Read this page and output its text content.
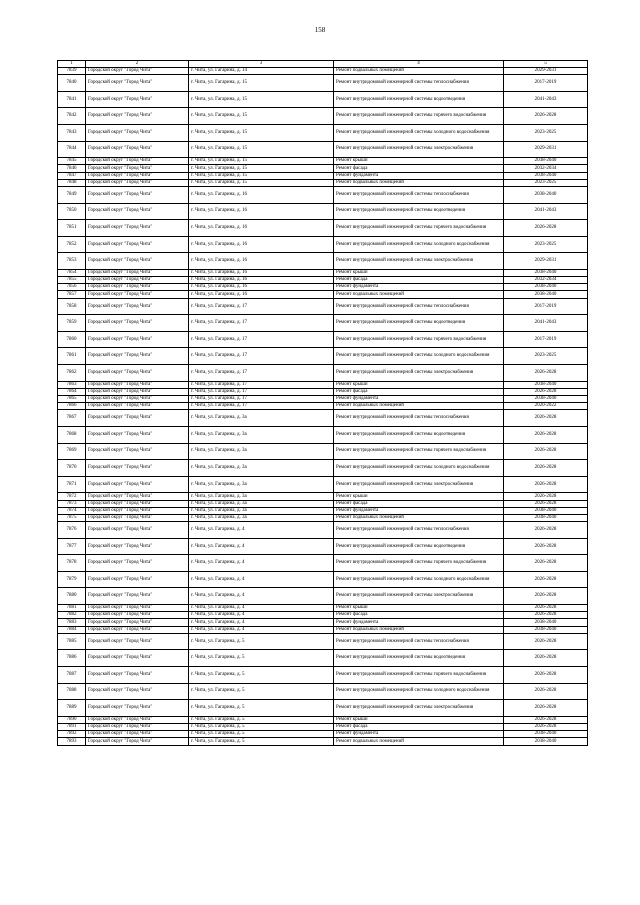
158
1	2	3	4	5
7839	Городской округ "Город Чита"	г. Чита, ул. Гагарина, д. 14	Ремонт подвальных помещений	2029-2031
7840	Городской округ "Город Чита"	г. Чита, ул. Гагарина, д. 15	Ремонт внутридомовой инженерной системы теплоснабжения	2017-2019
7841	Городской округ "Город Чита"	г. Чита, ул. Гагарина, д. 15	Ремонт внутридомовой инженерной системы водоотведения	2041-2043
7842	Городской округ "Город Чита"	г. Чита, ул. Гагарина, д. 15	Ремонт внутридомовой инженерной системы горячего водоснабжения	2026-2028
7843	Городской округ "Город Чита"	г. Чита, ул. Гагарина, д. 15	Ремонт внутридомовой инженерной системы холодного водоснабжения	2023-2025
7844	Городской округ "Город Чита"	г. Чита, ул. Гагарина, д. 15	Ремонт внутридомовой инженерной системы электроснабжения	2029-2031
7845	Городской округ "Город Чита"	г. Чита, ул. Гагарина, д. 15	Ремонт крыши	2038-2040
7846	Городской округ "Город Чита"	г. Чита, ул. Гагарина, д. 15	Ремонт фасада	2032-2034
7847	Городской округ "Город Чита"	г. Чита, ул. Гагарина, д. 15	Ремонт фундамента	2038-2040
7848	Городской округ "Город Чита"	г. Чита, ул. Гагарина, д. 15	Ремонт подвальных помещений	2023-2025
7849	Городской округ "Город Чита"	г. Чита, ул. Гагарина, д. 16	Ремонт внутридомовой инженерной системы теплоснабжения	2038-2040
7850	Городской округ "Город Чита"	г. Чита, ул. Гагарина, д. 16	Ремонт внутридомовой инженерной системы водоотведения	2041-2043
7851	Городской округ "Город Чита"	г. Чита, ул. Гагарина, д. 16	Ремонт внутридомовой инженерной системы горячего водоснабжения	2026-2028
7852	Городской округ "Город Чита"	г. Чита, ул. Гагарина, д. 16	Ремонт внутридомовой инженерной системы холодного водоснабжения	2023-2025
7853	Городской округ "Город Чита"	г. Чита, ул. Гагарина, д. 16	Ремонт внутридомовой инженерной системы электроснабжения	2029-2031
7854	Городской округ "Город Чита"	г. Чита, ул. Гагарина, д. 16	Ремонт крыши	2038-2040
7855	Городской округ "Город Чита"	г. Чита, ул. Гагарина, д. 16	Ремонт фасада	2032-2034
7856	Городской округ "Город Чита"	г. Чита, ул. Гагарина, д. 16	Ремонт фундамента	2038-2040
7857	Городской округ "Город Чита"	г. Чита, ул. Гагарина, д. 16	Ремонт подвальных помещений	2038-2040
7858	Городской округ "Город Чита"	г. Чита, ул. Гагарина, д. 17	Ремонт внутридомовой инженерной системы теплоснабжения	2017-2019
7859	Городской округ "Город Чита"	г. Чита, ул. Гагарина, д. 17	Ремонт внутридомовой инженерной системы водоотведения	2041-2043
7860	Городской округ "Город Чита"	г. Чита, ул. Гагарина, д. 17	Ремонт внутридомовой инженерной системы горячего водоснабжения	2017-2019
7861	Городской округ "Город Чита"	г. Чита, ул. Гагарина, д. 17	Ремонт внутридомовой инженерной системы холодного водоснабжения	2023-2025
7862	Городской округ "Город Чита"	г. Чита, ул. Гагарина, д. 17	Ремонт внутридомовой инженерной системы электроснабжения	2026-2028
7863	Городской округ "Город Чита"	г. Чита, ул. Гагарина, д. 17	Ремонт крыши	2038-2040
7864	Городской округ "Город Чита"	г. Чита, ул. Гагарина, д. 17	Ремонт фасада	2026-2028
7865	Городской округ "Город Чита"	г. Чита, ул. Гагарина, д. 17	Ремонт фундамента	2038-2040
7866	Городской округ "Город Чита"	г. Чита, ул. Гагарина, д. 17	Ремонт подвальных помещений	2020-2022
7867	Городской округ "Город Чита"	г. Чита, ул. Гагарина, д. 3а	Ремонт внутридомовой инженерной системы теплоснабжения	2026-2028
7868	Городской округ "Город Чита"	г. Чита, ул. Гагарина, д. 3а	Ремонт внутридомовой инженерной системы водоотведения	2026-2028
7869	Городской округ "Город Чита"	г. Чита, ул. Гагарина, д. 3а	Ремонт внутридомовой инженерной системы горячего водоснабжения	2026-2028
7870	Городской округ "Город Чита"	г. Чита, ул. Гагарина, д. 3а	Ремонт внутридомовой инженерной системы холодного водоснабжения	2026-2028
7871	Городской округ "Город Чита"	г. Чита, ул. Гагарина, д. 3а	Ремонт внутридомовой инженерной системы электроснабжения	2026-2028
7872	Городской округ "Город Чита"	г. Чита, ул. Гагарина, д. 3а	Ремонт крыши	2026-2028
7873	Городской округ "Город Чита"	г. Чита, ул. Гагарина, д. 3а	Ремонт фасада	2026-2028
7874	Городской округ "Город Чита"	г. Чита, ул. Гагарина, д. 3а	Ремонт фундамента	2038-2040
7875	Городской округ "Город Чита"	г. Чита, ул. Гагарина, д. 3а	Ремонт подвальных помещений	2038-2040
7876	Городской округ "Город Чита"	г. Чита, ул. Гагарина, д. 4	Ремонт внутридомовой инженерной системы теплоснабжения	2026-2028
7877	Городской округ "Город Чита"	г. Чита, ул. Гагарина, д. 4	Ремонт внутридомовой инженерной системы водоотведения	2026-2028
7878	Городской округ "Город Чита"	г. Чита, ул. Гагарина, д. 4	Ремонт внутридомовой инженерной системы горячего водоснабжения	2026-2028
7879	Городской округ "Город Чита"	г. Чита, ул. Гагарина, д. 4	Ремонт внутридомовой инженерной системы холодного водоснабжения	2026-2028
7880	Городской округ "Город Чита"	г. Чита, ул. Гагарина, д. 4	Ремонт внутридомовой инженерной системы электроснабжения	2026-2028
7881	Городской округ "Город Чита"	г. Чита, ул. Гагарина, д. 4	Ремонт крыши	2026-2028
7882	Городской округ "Город Чита"	г. Чита, ул. Гагарина, д. 4	Ремонт фасада	2026-2028
7883	Городской округ "Город Чита"	г. Чита, ул. Гагарина, д. 4	Ремонт фундамента	2038-2040
7884	Городской округ "Город Чита"	г. Чита, ул. Гагарина, д. 4	Ремонт подвальных помещений	2038-2040
7885	Городской округ "Город Чита"	г. Чита, ул. Гагарина, д. 5	Ремонт внутридомовой инженерной системы теплоснабжения	2026-2028
7886	Городской округ "Город Чита"	г. Чита, ул. Гагарина, д. 5	Ремонт внутридомовой инженерной системы водоотведения	2026-2028
7887	Городской округ "Город Чита"	г. Чита, ул. Гагарина, д. 5	Ремонт внутридомовой инженерной системы горячего водоснабжения	2026-2028
7888	Городской округ "Город Чита"	г. Чита, ул. Гагарина, д. 5	Ремонт внутридомовой инженерной системы холодного водоснабжения	2026-2028
7889	Городской округ "Город Чита"	г. Чита, ул. Гагарина, д. 5	Ремонт внутридомовой инженерной системы электроснабжения	2026-2028
7890	Городской округ "Город Чита"	г. Чита, ул. Гагарина, д. 5	Ремонт крыши	2026-2028
7891	Городской округ "Город Чита"	г. Чита, ул. Гагарина, д. 5	Ремонт фасада	2026-2028
7892	Городской округ "Город Чита"	г. Чита, ул. Гагарина, д. 5	Ремонт фундамента	2038-2040
7893	Городской округ "Город Чита"	г. Чита, ул. Гагарина, д. 5	Ремонт подвальных помещений	2038-2040
